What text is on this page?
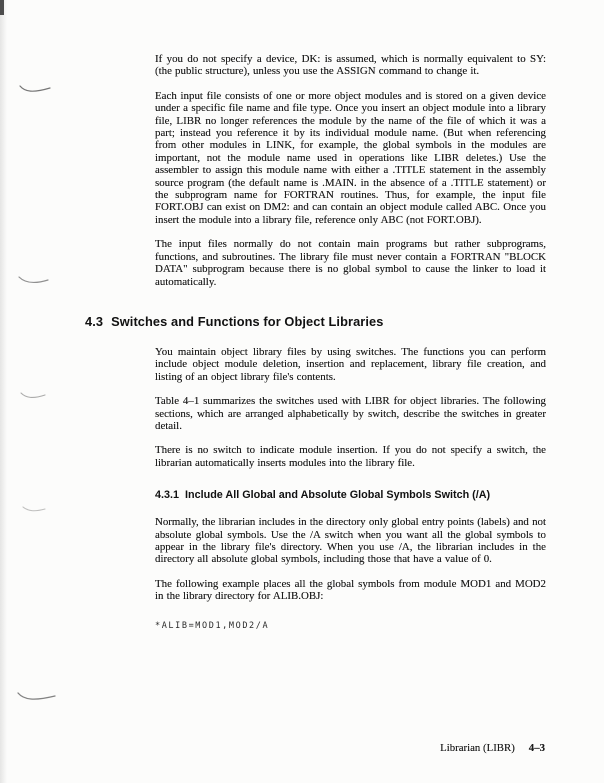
If you do not specify a device, DK: is assumed, which is normally equivalent to SY: (the public structure), unless you use the ASSIGN command to change it.

Each input file consists of one or more object modules and is stored on a given device under a specific file name and file type. Once you insert an object module into a library file, LIBR no longer references the module by the name of the file of which it was a part; instead you reference it by its individual module name. (But when referencing from other modules in LINK, for example, the global symbols in the modules are important, not the module name used in operations like LIBR deletes.) Use the assembler to assign this module name with either a .TITLE statement in the assembly source program (the default name is .MAIN. in the absence of a .TITLE statement) or the subprogram name for FORTRAN routines. Thus, for example, the input file FORT.OBJ can exist on DM2: and can contain an object module called ABC. Once you insert the module into a library file, reference only ABC (not FORT.OBJ).

The input files normally do not contain main programs but rather subprograms, functions, and subroutines. The library file must never contain a FORTRAN "BLOCK DATA" subprogram because there is no global symbol to cause the linker to load it automatically.

4.3 Switches and Functions for Object Libraries

You maintain object library files by using switches. The functions you can perform include object module deletion, insertion and replacement, library file creation, and listing of an object library file's contents.

Table 4–1 summarizes the switches used with LIBR for object libraries. The following sections, which are arranged alphabetically by switch, describe the switches in greater detail.

There is no switch to indicate module insertion. If you do not specify a switch, the librarian automatically inserts modules into the library file.

4.3.1 Include All Global and Absolute Global Symbols Switch (/A)

Normally, the librarian includes in the directory only global entry points (labels) and not absolute global symbols. Use the /A switch when you want all the global symbols to appear in the library file's directory. When you use /A, the librarian includes in the directory all absolute global symbols, including those that have a value of 0.

The following example places all the global symbols from module MOD1 and MOD2 in the library directory for ALIB.OBJ:

*ALIB=MOD1,MOD2/A
Librarian (LIBR) 4–3
